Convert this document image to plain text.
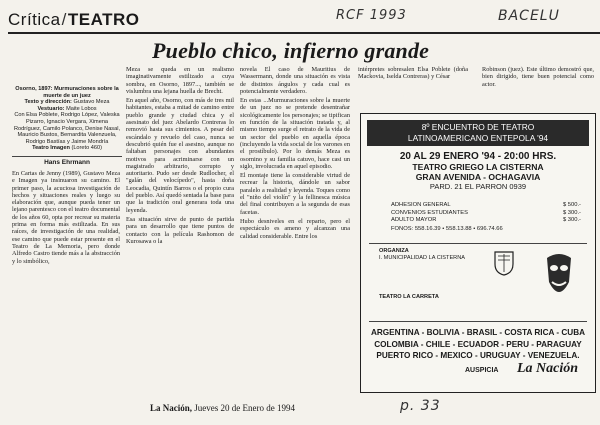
Crítica/TEATRO	RCF 1993	BACELU
Pueblo chico, infierno grande
Osorno, 1897: Murmuraciones sobre la muerte de un juez
Texto y dirección: Gustavo Meza
Vestuario: Maite Lobos
Con Elsa Poblete, Rodrigo López, Valeska Pizarro, Ignacio Vergara, Ximena Rodríguez, Camilo Polanco, Denise Nasal, Mauricio Bustos, Bernardita Valenzuela, Rodrigo Bastías y Jaime Mondría
Teatro Imagen (Loreto 460)
Hans Ehrmann

En Cartas de Jenny (1989), Gustavo Meza e Imagen ya insinuaron su camino. El primer paso, la acuciosa investigación de hechos y situaciones reales y luego su elaboración que, aunque pueda tener un lejano parentesco con el teatro documental de los años 60, opta por recrear su materia prima en forma más estilizada. En sus raíces, de investigación de una realidad, ese camino que puede estar presente en el Teatro de La Memoria, pero donde Alfredo Castro tiende más a la abstracción y lo simbólico,

Meza se queda en un realismo imaginativamente estilizado a cuya sombra, en Osorno, 1897..., también se vislumbra una lejana huella de Brecht.

En aquel año, Osorno, con más de tres mil habitantes, estaba a mitad de camino entre pueblo grande y ciudad chica y el asesinato del juez Abelardo Contreras lo removió hasta sus cimientos. A pesar del escándalo y revuelo del caso, nunca se descubrió quién fue el asesino, aunque no faltaban personajes con abundantes motivos para acriminarse con un magistrado arbitrario, corrupto y autoritario. Pudo ser desde Rudlocher, el "galán del velocípedo", hasta doña Leocadia, Quintín Barros o el propio cura del pueblo. Así quedó sentada la base para que la tradición oral generara toda una leyenda.

Esa situación sirve de punto de partida para un desarrollo que tiene puntos de contacto con la película Rashomon de Kurosawa o la

novela El caso de Mauritius de Wassermann, donde una situación es vista de distintos ángulos y cada cual es potencialmente verdadero.

En estas ...Murmuraciones sobre la muerte de un juez no se pretende desentrañar sicológicamente los personajes; se tipifican en función de la situación tratada y, al mismo tiempo surge el retrato de la vida de un sector del pueblo en aquella época (incluyendo la vida social de los varones en el prostíbulo). Por lo demás Meza es osornino y su familia catuvo, hace casi un siglo, involucrada en aquel episodio.

El montaje tiene la considerable virtud de recrear la historia, dándole un sabor paralelo a realidad y leyenda. Toques como el "niño del violín" y la fellinesca música del final contribuyen a la segunda de esas facetas.

Hubo desniveles en el reparto, pero el espectáculo es ameno y alcanzan una calidad considerable. Entre los

intérpretes sobresalen Elsa Poblete (doña Mackovia, Iselda Contreras) y César

Robinson (juez). Este último demostró que, bien dirigido, tiene buen potencial como actor.

8º ENCUENTRO DE TEATRO
LATINOAMERICANO ENTEPOLA '94
20 AL 29 ENERO '94 - 20:00 HRS.
TEATRO GRIEGO LA CISTERNA
GRAN AVENIDA - OCHAGAVIA
PARD. 21 EL PARRON 0939
ADHESION GENERAL	$ 500.-
CONVENIOS ESTUDIANTES	$ 300.-
ADULTO MAYOR	$ 300.-
FONOS: 558.16.39 • 558.13.88 • 696.74.66
ORGANIZA
I. MUNICIPALIDAD LA CISTERNA
TEATRO LA CARRETA
ARGENTINA - BOLIVIA - BRASIL - COSTA RICA - CUBA
COLOMBIA - CHILE - ECUADOR - PERU - PARAGUAY
PUERTO RICO - MEXICO - URUGUAY - VENEZUELA.
AUSPICIA La Nación
La Nación, Jueves 20 de Enero de 1994	p. 33
